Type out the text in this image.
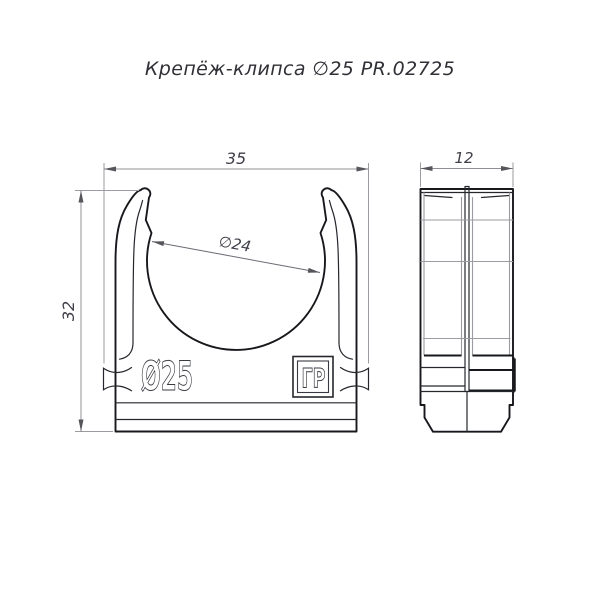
Крепёж-клипса ∅25 PR.02725
Ø25	ГР
35
32
∅24
12
